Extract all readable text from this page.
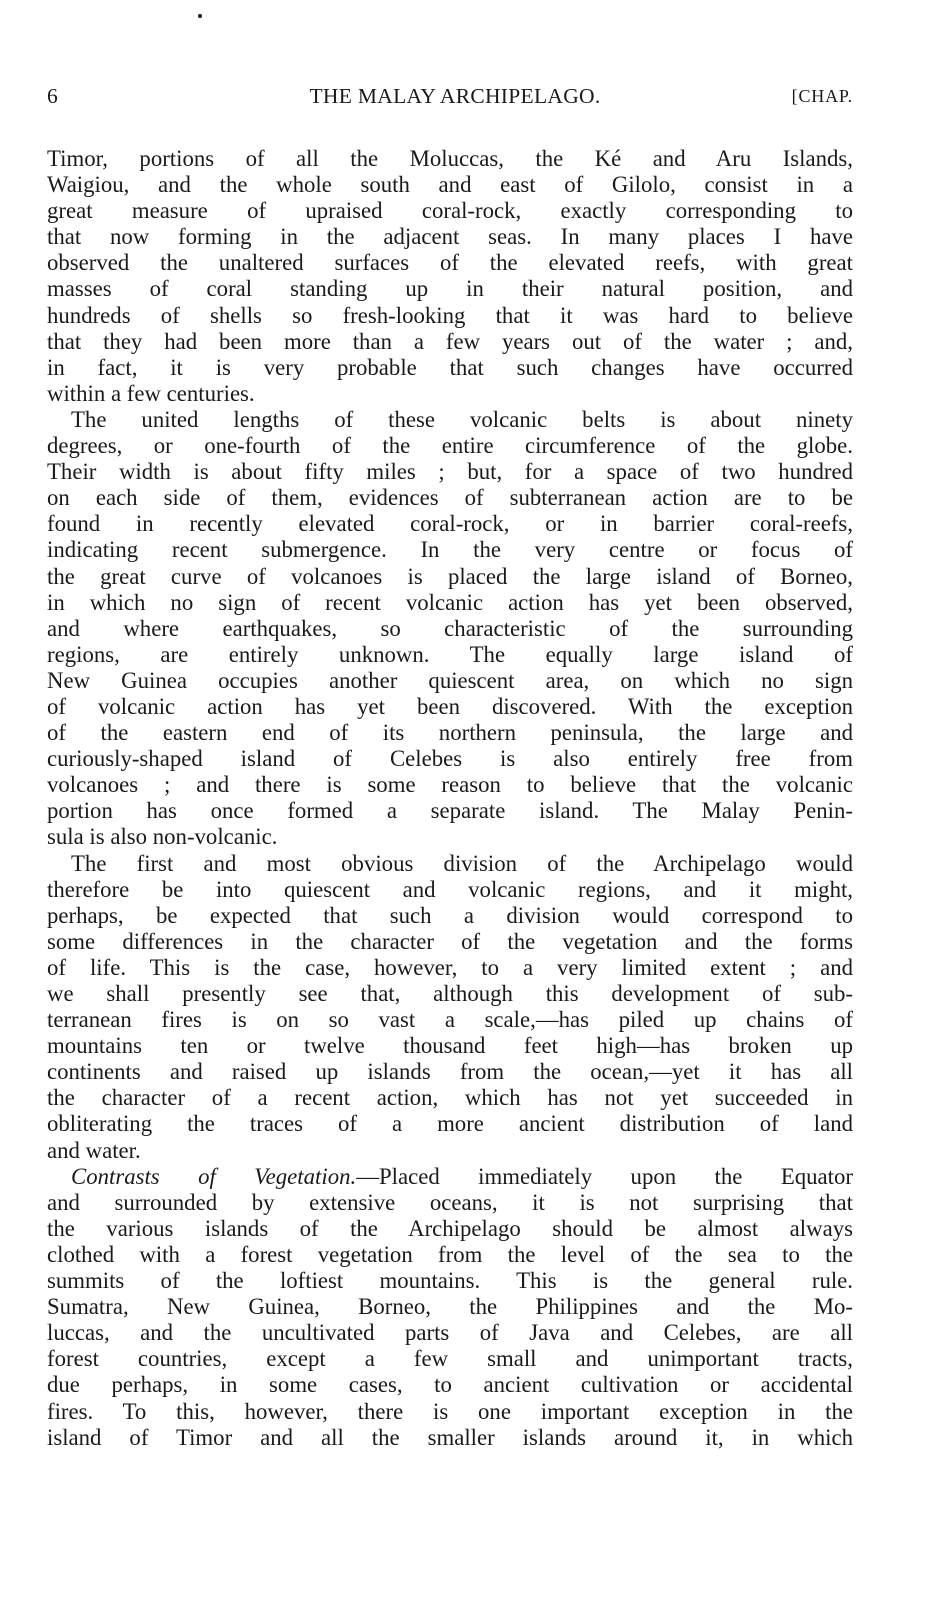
6	THE MALAY ARCHIPELAGO.	[CHAP.
Timor, portions of all the Moluccas, the Ké and Aru Islands,
Waigiou, and the whole south and east of Gilolo, consist in a
great measure of upraised coral-rock, exactly corresponding to
that now forming in the adjacent seas. In many places I have
observed the unaltered surfaces of the elevated reefs, with great
masses of coral standing up in their natural position, and
hundreds of shells so fresh-looking that it was hard to believe
that they had been more than a few years out of the water ; and,
in fact, it is very probable that such changes have occurred
within a few centuries.
The united lengths of these volcanic belts is about ninety
degrees, or one-fourth of the entire circumference of the globe.
Their width is about fifty miles ; but, for a space of two hundred
on each side of them, evidences of subterranean action are to be
found in recently elevated coral-rock, or in barrier coral-reefs,
indicating recent submergence. In the very centre or focus of
the great curve of volcanoes is placed the large island of Borneo,
in which no sign of recent volcanic action has yet been observed,
and where earthquakes, so characteristic of the surrounding
regions, are entirely unknown. The equally large island of
New Guinea occupies another quiescent area, on which no sign
of volcanic action has yet been discovered. With the exception
of the eastern end of its northern peninsula, the large and
curiously-shaped island of Celebes is also entirely free from
volcanoes ; and there is some reason to believe that the volcanic
portion has once formed a separate island. The Malay Penin-
sula is also non-volcanic.
The first and most obvious division of the Archipelago would
therefore be into quiescent and volcanic regions, and it might,
perhaps, be expected that such a division would correspond to
some differences in the character of the vegetation and the forms
of life. This is the case, however, to a very limited extent ; and
we shall presently see that, although this development of sub-
terranean fires is on so vast a scale,—has piled up chains of
mountains ten or twelve thousand feet high—has broken up
continents and raised up islands from the ocean,—yet it has all
the character of a recent action, which has not yet succeeded in
obliterating the traces of a more ancient distribution of land
and water.
Contrasts of Vegetation.—Placed immediately upon the Equator
and surrounded by extensive oceans, it is not surprising that
the various islands of the Archipelago should be almost always
clothed with a forest vegetation from the level of the sea to the
summits of the loftiest mountains. This is the general rule.
Sumatra, New Guinea, Borneo, the Philippines and the Mo-
luccas, and the uncultivated parts of Java and Celebes, are all
forest countries, except a few small and unimportant tracts,
due perhaps, in some cases, to ancient cultivation or accidental
fires. To this, however, there is one important exception in the
island of Timor and all the smaller islands around it, in which
